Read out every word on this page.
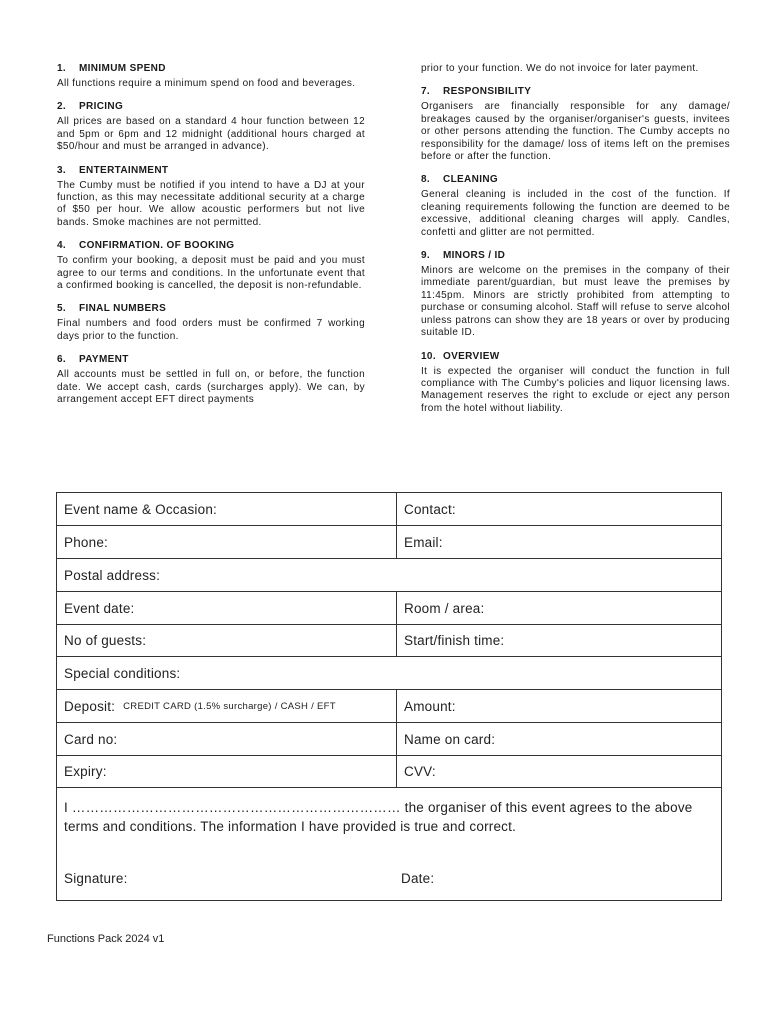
1. MINIMUM SPEND

All functions require a minimum spend on food and beverages.

2. PRICING

All prices are based on a standard 4 hour function between 12 and 5pm or 6pm and 12 midnight (additional hours charged at $50/hour and must be arranged in advance).

3. ENTERTAINMENT

The Cumby must be notified if you intend to have a DJ at your function, as this may necessitate additional security at a charge of $50 per hour. We allow acoustic performers but not live bands. Smoke machines are not permitted.

4. CONFIRMATION. OF BOOKING

To confirm your booking, a deposit must be paid and you must agree to our terms and conditions. In the unfortunate event that a confirmed booking is cancelled, the deposit is non-refundable.

5. FINAL NUMBERS

Final numbers and food orders must be confirmed 7 working days prior to the function.

6. PAYMENT

All accounts must be settled in full on, or before, the function date. We accept cash, cards (surcharges apply). We can, by arrangement accept EFT direct payments

prior to your function. We do not invoice for later payment.

7. RESPONSIBILITY

Organisers are financially responsible for any damage/ breakages caused by the organiser/organiser's guests, invitees or other persons attending the function. The Cumby accepts no responsibility for the damage/ loss of items left on the premises before or after the function.

8. CLEANING

General cleaning is included in the cost of the function. If cleaning requirements following the function are deemed to be excessive, additional cleaning charges will apply. Candles, confetti and glitter are not permitted.

9. MINORS / ID

Minors are welcome on the premises in the company of their immediate parent/guardian, but must leave the premises by 11:45pm. Minors are strictly prohibited from attempting to purchase or consuming alcohol. Staff will refuse to serve alcohol unless patrons can show they are 18 years or over by producing suitable ID.

10. OVERVIEW

It is expected the organiser will conduct the function in full compliance with The Cumby's policies and liquor licensing laws. Management reserves the right to exclude or eject any person from the hotel without liability.

Event name & Occasion:	Contact:
Phone:	Email:
Postal address:
Event date:	Room / area:
No of guests:	Start/finish time:
Special conditions:
Deposit: CREDIT CARD (1.5% surcharge) / CASH / EFT	Amount:
Card no:	Name on card:
Expiry:	CVV:
I ……………………………………………………………… the organiser of this event agrees to the above terms and conditions. The information I have provided is true and correct.
Signature:	Date:
Functions Pack 2024 v1
